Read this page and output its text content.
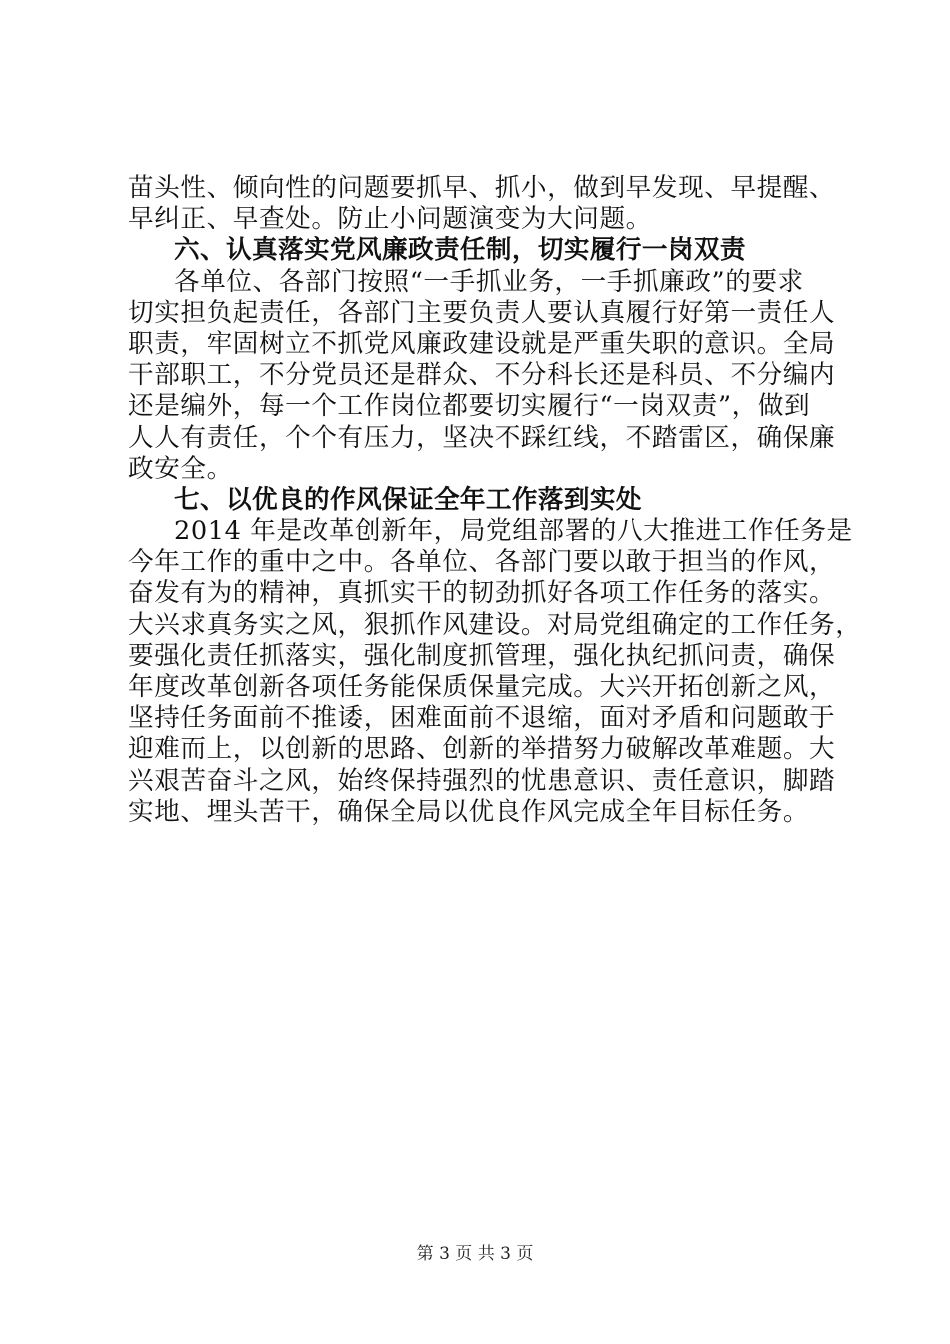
苗头性、倾向性的问题要抓早、抓小，做到早发现、早提醒、
早纠正、早查处。防止小问题演变为大问题。
六、认真落实党风廉政责任制，切实履行一岗双责
各单位、各部门按照“一手抓业务，一手抓廉政”的要求
切实担负起责任，各部门主要负责人要认真履行好第一责任人
职责，牢固树立不抓党风廉政建设就是严重失职的意识。全局
干部职工，不分党员还是群众、不分科长还是科员、不分编内
还是编外，每一个工作岗位都要切实履行“一岗双责”，做到
人人有责任，个个有压力，坚决不踩红线，不踏雷区，确保廉
政安全。
七、以优良的作风保证全年工作落到实处
2014 年是改革创新年，局党组部署的八大推进工作任务是
今年工作的重中之中。各单位、各部门要以敢于担当的作风，
奋发有为的精神，真抓实干的韧劲抓好各项工作任务的落实。
大兴求真务实之风，狠抓作风建设。对局党组确定的工作任务，
要强化责任抓落实，强化制度抓管理，强化执纪抓问责，确保
年度改革创新各项任务能保质保量完成。大兴开拓创新之风，
坚持任务面前不推诿，困难面前不退缩，面对矛盾和问题敢于
迎难而上，以创新的思路、创新的举措努力破解改革难题。大
兴艰苦奋斗之风，始终保持强烈的忧患意识、责任意识，脚踏
实地、埋头苦干，确保全局以优良作风完成全年目标任务。
第 3 页 共 3 页
